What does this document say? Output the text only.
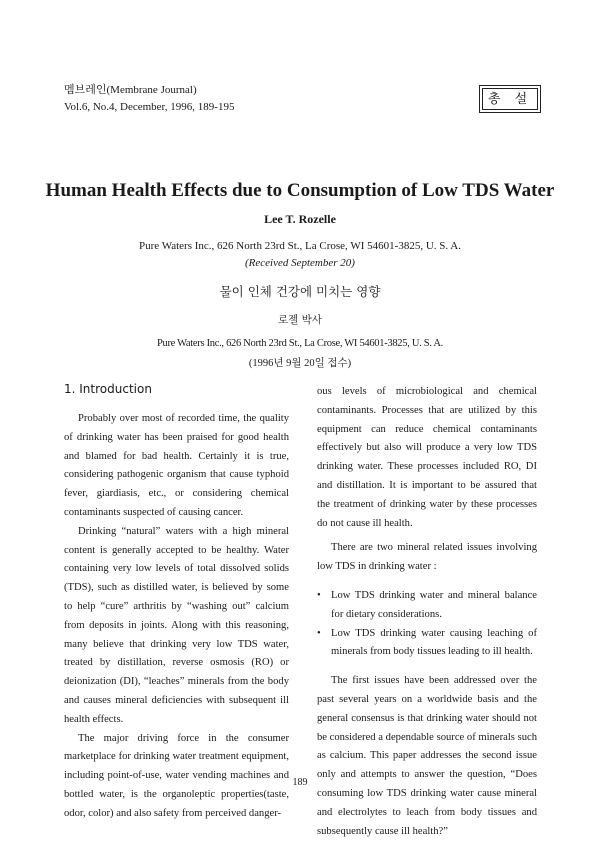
멤브레인(Membrane Journal)
Vol.6, No.4, December, 1996, 189-195	총 설
Human Health Effects due to Consumption of Low TDS Water
Lee T. Rozelle
Pure Waters Inc., 626 North 23rd St., La Crose, WI 54601-3825, U. S. A.
(Received September 20)
물이 인체 건강에 미치는 영향
로젤 박사
Pure Waters Inc., 626 North 23rd St., La Crose, WI 54601-3825, U. S. A.
(1996년 9월 20일 접수)
1. Introduction

Probably over most of recorded time, the quality of drinking water has been praised for good health and blamed for bad health. Certainly it is true, considering pathogenic organism that cause typhoid fever, giardiasis, etc., or considering chemical contaminants suspected of causing cancer.

Drinking “natural” waters with a high mineral content is generally accepted to be healthy. Water containing very low levels of total dissolved solids (TDS), such as distilled water, is believed by some to help “cure” arthritis by “washing out” calcium from deposits in joints. Along with this reasoning, many believe that drinking very low TDS water, treated by distillation, reverse osmosis (RO) or deionization (DI), “leaches” minerals from the body and causes mineral deficiencies with subsequent ill health effects.

The major driving force in the consumer marketplace for drinking water treatment equipment, including point-of-use, water vending machines and bottled water, is the organoleptic properties(taste, odor, color) and also safety from perceived danger-

ous levels of microbiological and chemical contaminants. Processes that are utilized by this equipment can reduce chemical contaminants effectively but also will produce a very low TDS drinking water. These processes included RO, DI and distillation. It is important to be assured that the treatment of drinking water by these processes do not cause ill health.

There are two mineral related issues involving low TDS in drinking water :

• Low TDS drinking water and mineral balance for dietary considerations.
• Low TDS drinking water causing leaching of minerals from body tissues leading to ill health.

The first issues have been addressed over the past several years on a worldwide basis and the general consensus is that drinking water should not be considered a dependable source of minerals such as calcium. This paper addresses the second issue only and attempts to answer the question, “Does consuming low TDS drinking water cause mineral and electrolytes to leach from body tissues and subsequently cause ill health?”

189
